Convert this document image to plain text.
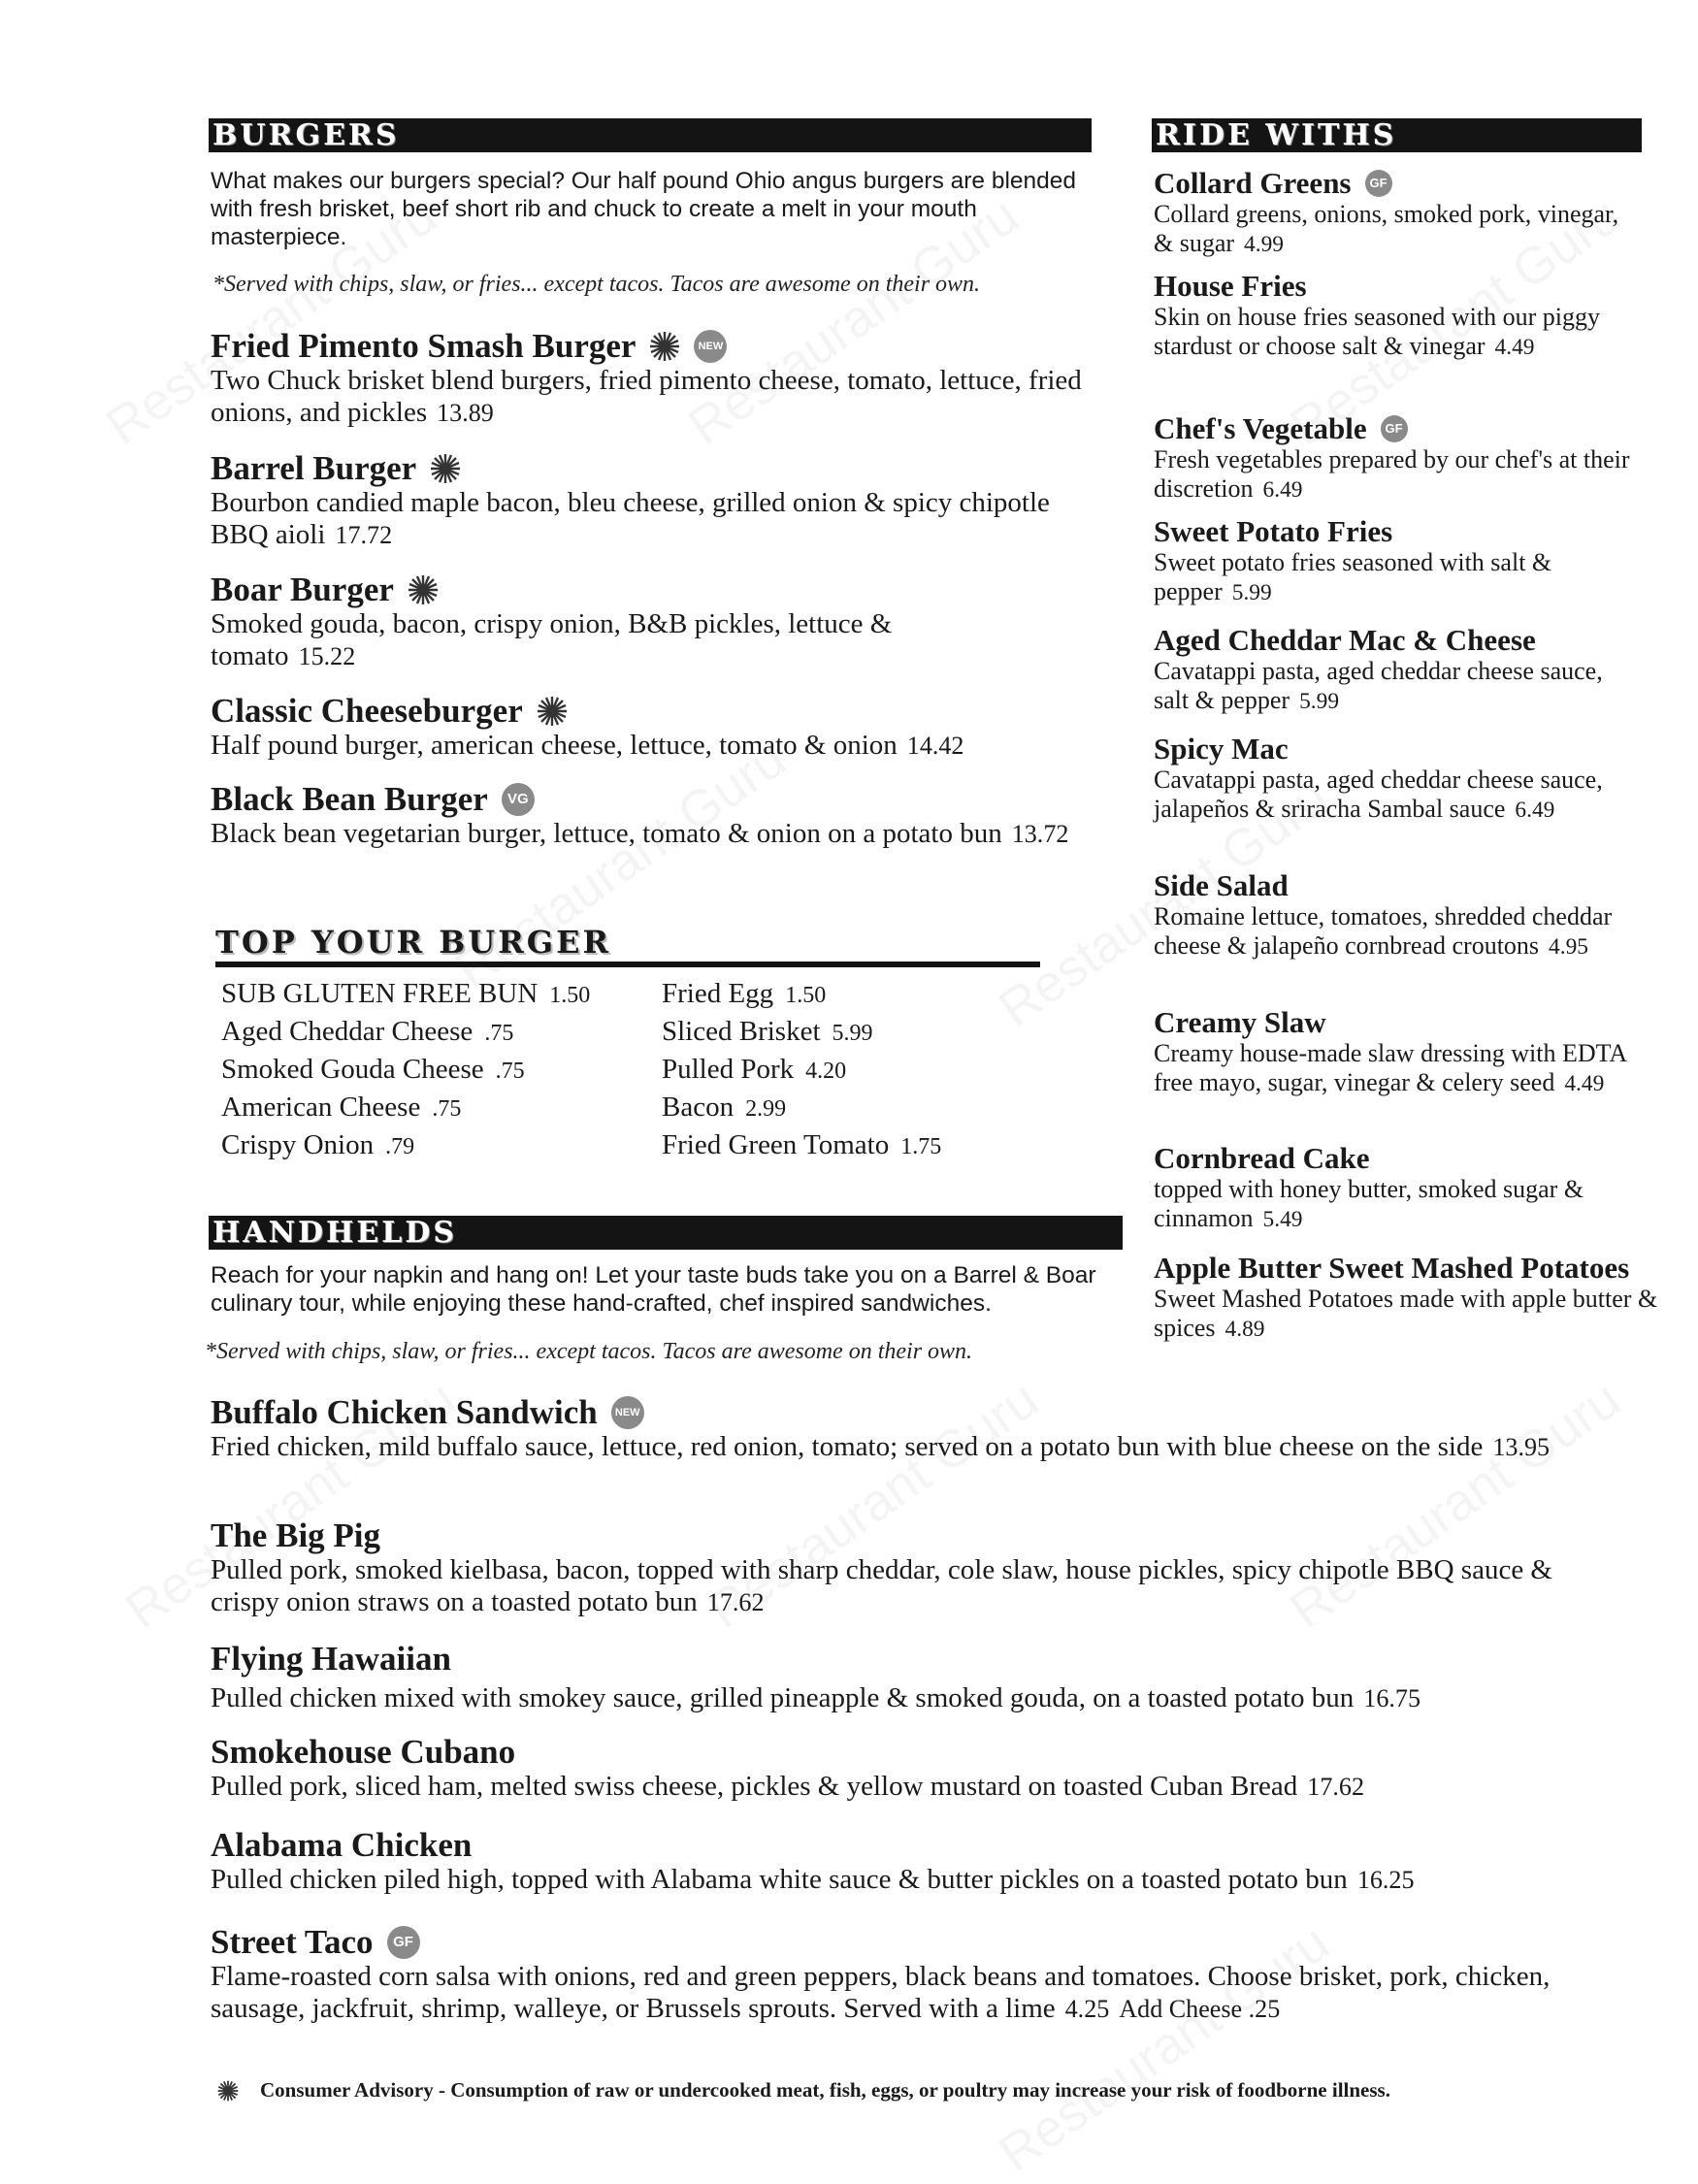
BURGERS
What makes our burgers special? Our half pound Ohio angus burgers are blended with fresh brisket, beef short rib and chuck to create a melt in your mouth masterpiece.
*Served with chips, slaw, or fries... except tacos. Tacos are awesome on their own.
Fried Pimento Smash Burger	NEW
Two Chuck brisket blend burgers, fried pimento cheese, tomato, lettuce, fried onions, and pickles 13.89
Barrel Burger
Bourbon candied maple bacon, bleu cheese, grilled onion & spicy chipotle BBQ aioli 17.72
Boar Burger
Smoked gouda, bacon, crispy onion, B&B pickles, lettuce & tomato 15.22
Classic Cheeseburger
Half pound burger, american cheese, lettuce, tomato & onion 14.42
Black Bean Burger	VG
Black bean vegetarian burger, lettuce, tomato & onion on a potato bun 13.72
TOP YOUR BURGER
SUB GLUTEN FREE BUN 1.50
Aged Cheddar Cheese .75
Smoked Gouda Cheese .75
American Cheese .75
Crispy Onion .79
Fried Egg 1.50
Sliced Brisket 5.99
Pulled Pork 4.20
Bacon 2.99
Fried Green Tomato 1.75
HANDHELDS
Reach for your napkin and hang on! Let your taste buds take you on a Barrel & Boar culinary tour, while enjoying these hand-crafted, chef inspired sandwiches.
*Served with chips, slaw, or fries... except tacos. Tacos are awesome on their own.
Buffalo Chicken Sandwich	NEW
Fried chicken, mild buffalo sauce, lettuce, red onion, tomato; served on a potato bun with blue cheese on the side 13.95
The Big Pig
Pulled pork, smoked kielbasa, bacon, topped with sharp cheddar, cole slaw, house pickles, spicy chipotle BBQ sauce & crispy onion straws on a toasted potato bun 17.62
Flying Hawaiian
Pulled chicken mixed with smokey sauce, grilled pineapple & smoked gouda, on a toasted potato bun 16.75
Smokehouse Cubano
Pulled pork, sliced ham, melted swiss cheese, pickles & yellow mustard on toasted Cuban Bread 17.62
Alabama Chicken
Pulled chicken piled high, topped with Alabama white sauce & butter pickles on a toasted potato bun 16.25
Street Taco	GF
Flame-roasted corn salsa with onions, red and green peppers, black beans and tomatoes. Choose brisket, pork, chicken, sausage, jackfruit, shrimp, walleye, or Brussels sprouts. Served with a lime 4.25 Add Cheese .25
RIDE WITHS
Collard Greens	GF
Collard greens, onions, smoked pork, vinegar, & sugar 4.99
House Fries
Skin on house fries seasoned with our piggy stardust or choose salt & vinegar 4.49
Chef's Vegetable	GF
Fresh vegetables prepared by our chef's at their discretion 6.49
Sweet Potato Fries
Sweet potato fries seasoned with salt & pepper 5.99
Aged Cheddar Mac & Cheese
Cavatappi pasta, aged cheddar cheese sauce, salt & pepper 5.99
Spicy Mac
Cavatappi pasta, aged cheddar cheese sauce, jalapeños & sriracha Sambal sauce 6.49
Side Salad
Romaine lettuce, tomatoes, shredded cheddar cheese & jalapeño cornbread croutons 4.95
Creamy Slaw
Creamy house-made slaw dressing with EDTA free mayo, sugar, vinegar & celery seed 4.49
Cornbread Cake
topped with honey butter, smoked sugar & cinnamon 5.49
Apple Butter Sweet Mashed Potatoes
Sweet Mashed Potatoes made with apple butter & spices 4.89
Consumer Advisory - Consumption of raw or undercooked meat, fish, eggs, or poultry may increase your risk of foodborne illness.
